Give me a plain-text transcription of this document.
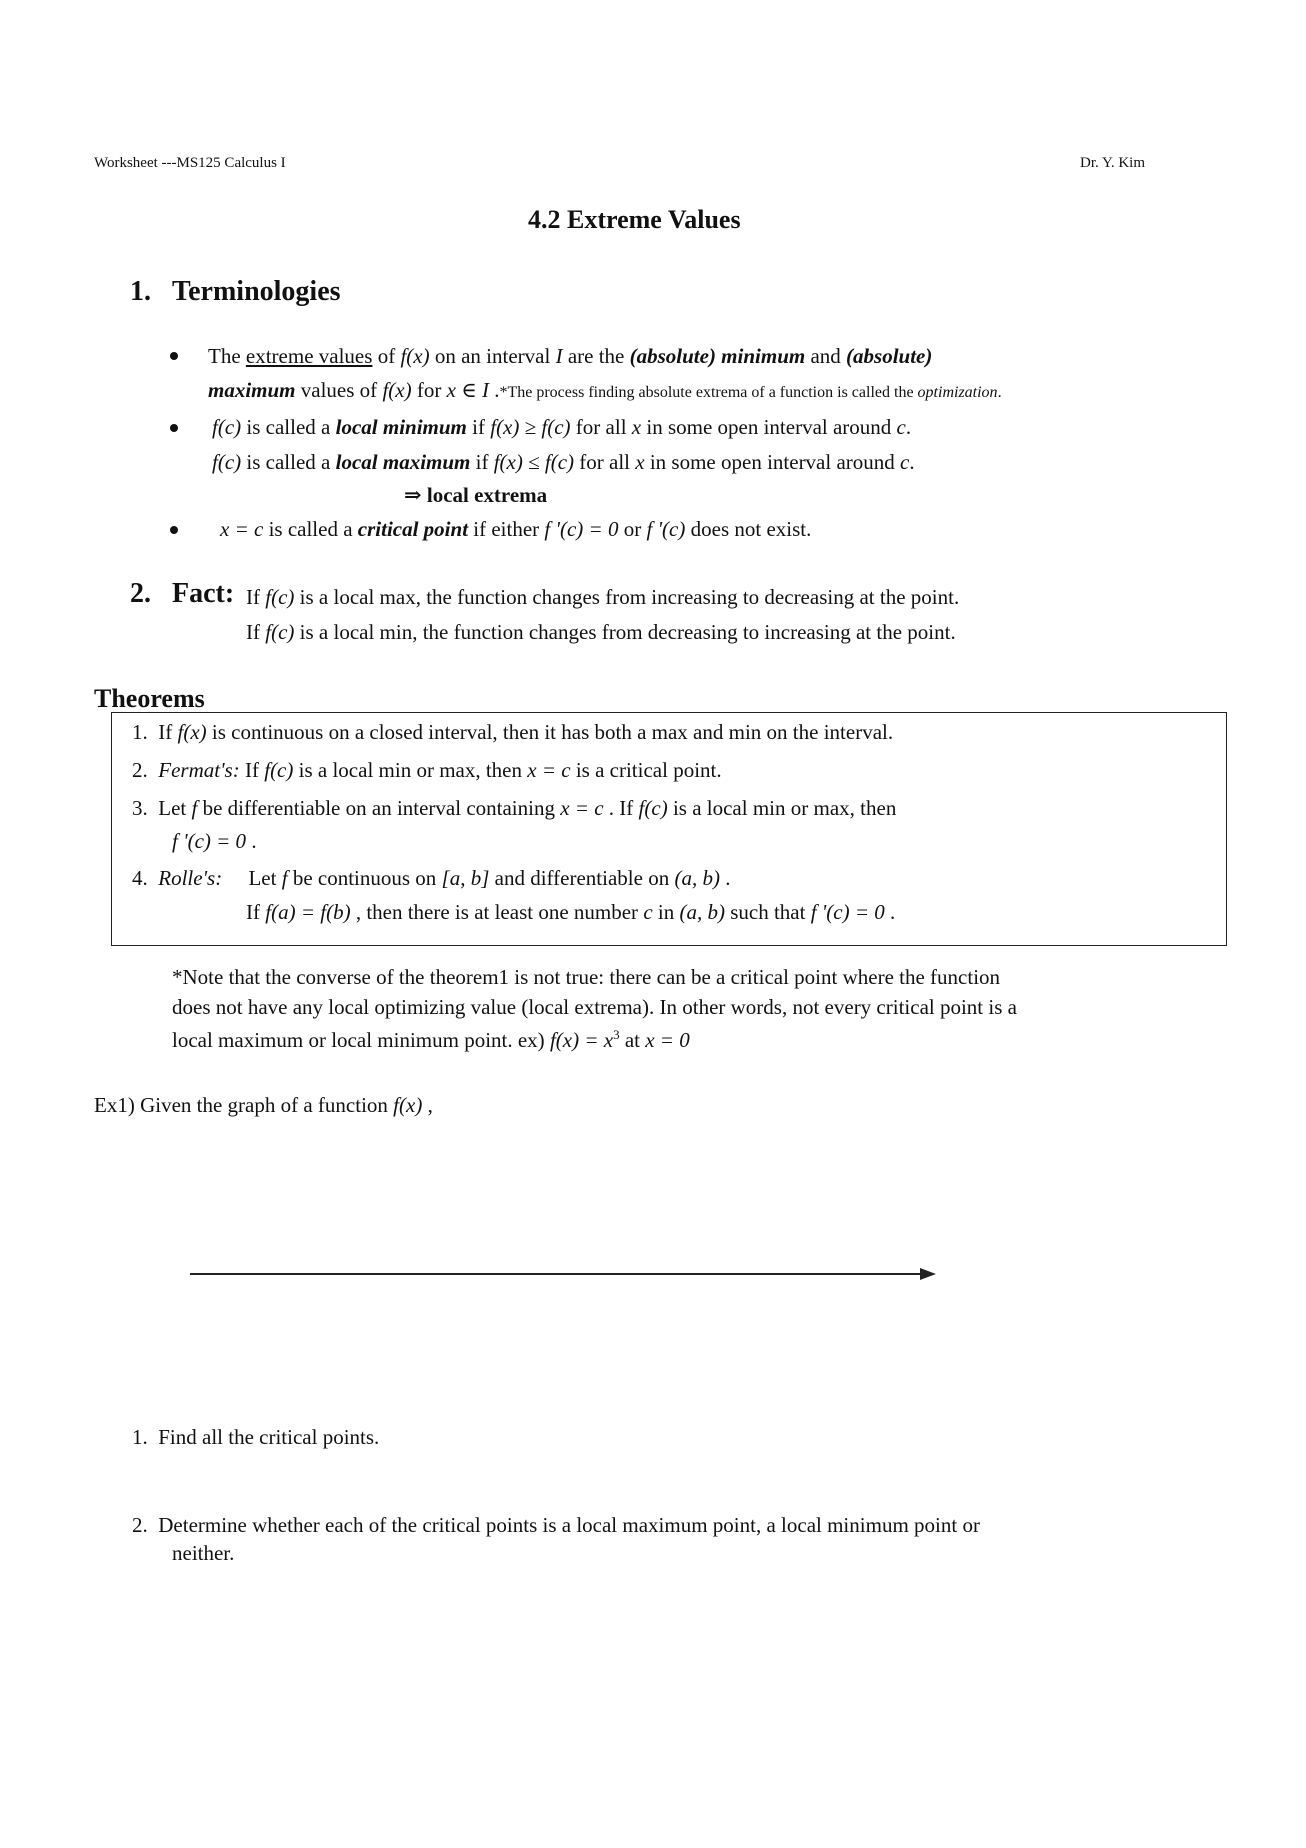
Worksheet ---MS125 Calculus I	Dr. Y. Kim
4.2 Extreme Values
1. Terminologies
The extreme values of f(x) on an interval I are the (absolute) minimum and (absolute)
maximum values of f(x) for x ∈ I .*The process finding absolute extrema of a function is called the optimization.
f(c) is called a local minimum if f(x) ≥ f(c) for all x in some open interval around c.
f(c) is called a local maximum if f(x) ≤ f(c) for all x in some open interval around c.
⇒ local extrema
x = c is called a critical point if either f '(c) = 0 or f '(c) does not exist.
2. Fact: If f(c) is a local max, the function changes from increasing to decreasing at the point.
If f(c) is a local min, the function changes from decreasing to increasing at the point.
Theorems
1. If f(x) is continuous on a closed interval, then it has both a max and min on the interval.
2. Fermat's: If f(c) is a local min or max, then x = c is a critical point.
3. Let f be differentiable on an interval containing x = c . If f(c) is a local min or max, then
f '(c) = 0 .
4. Rolle's: Let f be continuous on [a, b] and differentiable on (a, b) .
If f(a) = f(b) , then there is at least one number c in (a, b) such that f '(c) = 0 .
*Note that the converse of the theorem1 is not true: there can be a critical point where the function
does not have any local optimizing value (local extrema). In other words, not every critical point is a
local maximum or local minimum point. ex) $f(x) = x^3$ at x = 0
Ex1) Given the graph of a function f(x) ,
1. Find all the critical points.
2. Determine whether each of the critical points is a local maximum point, a local minimum point or
neither.
